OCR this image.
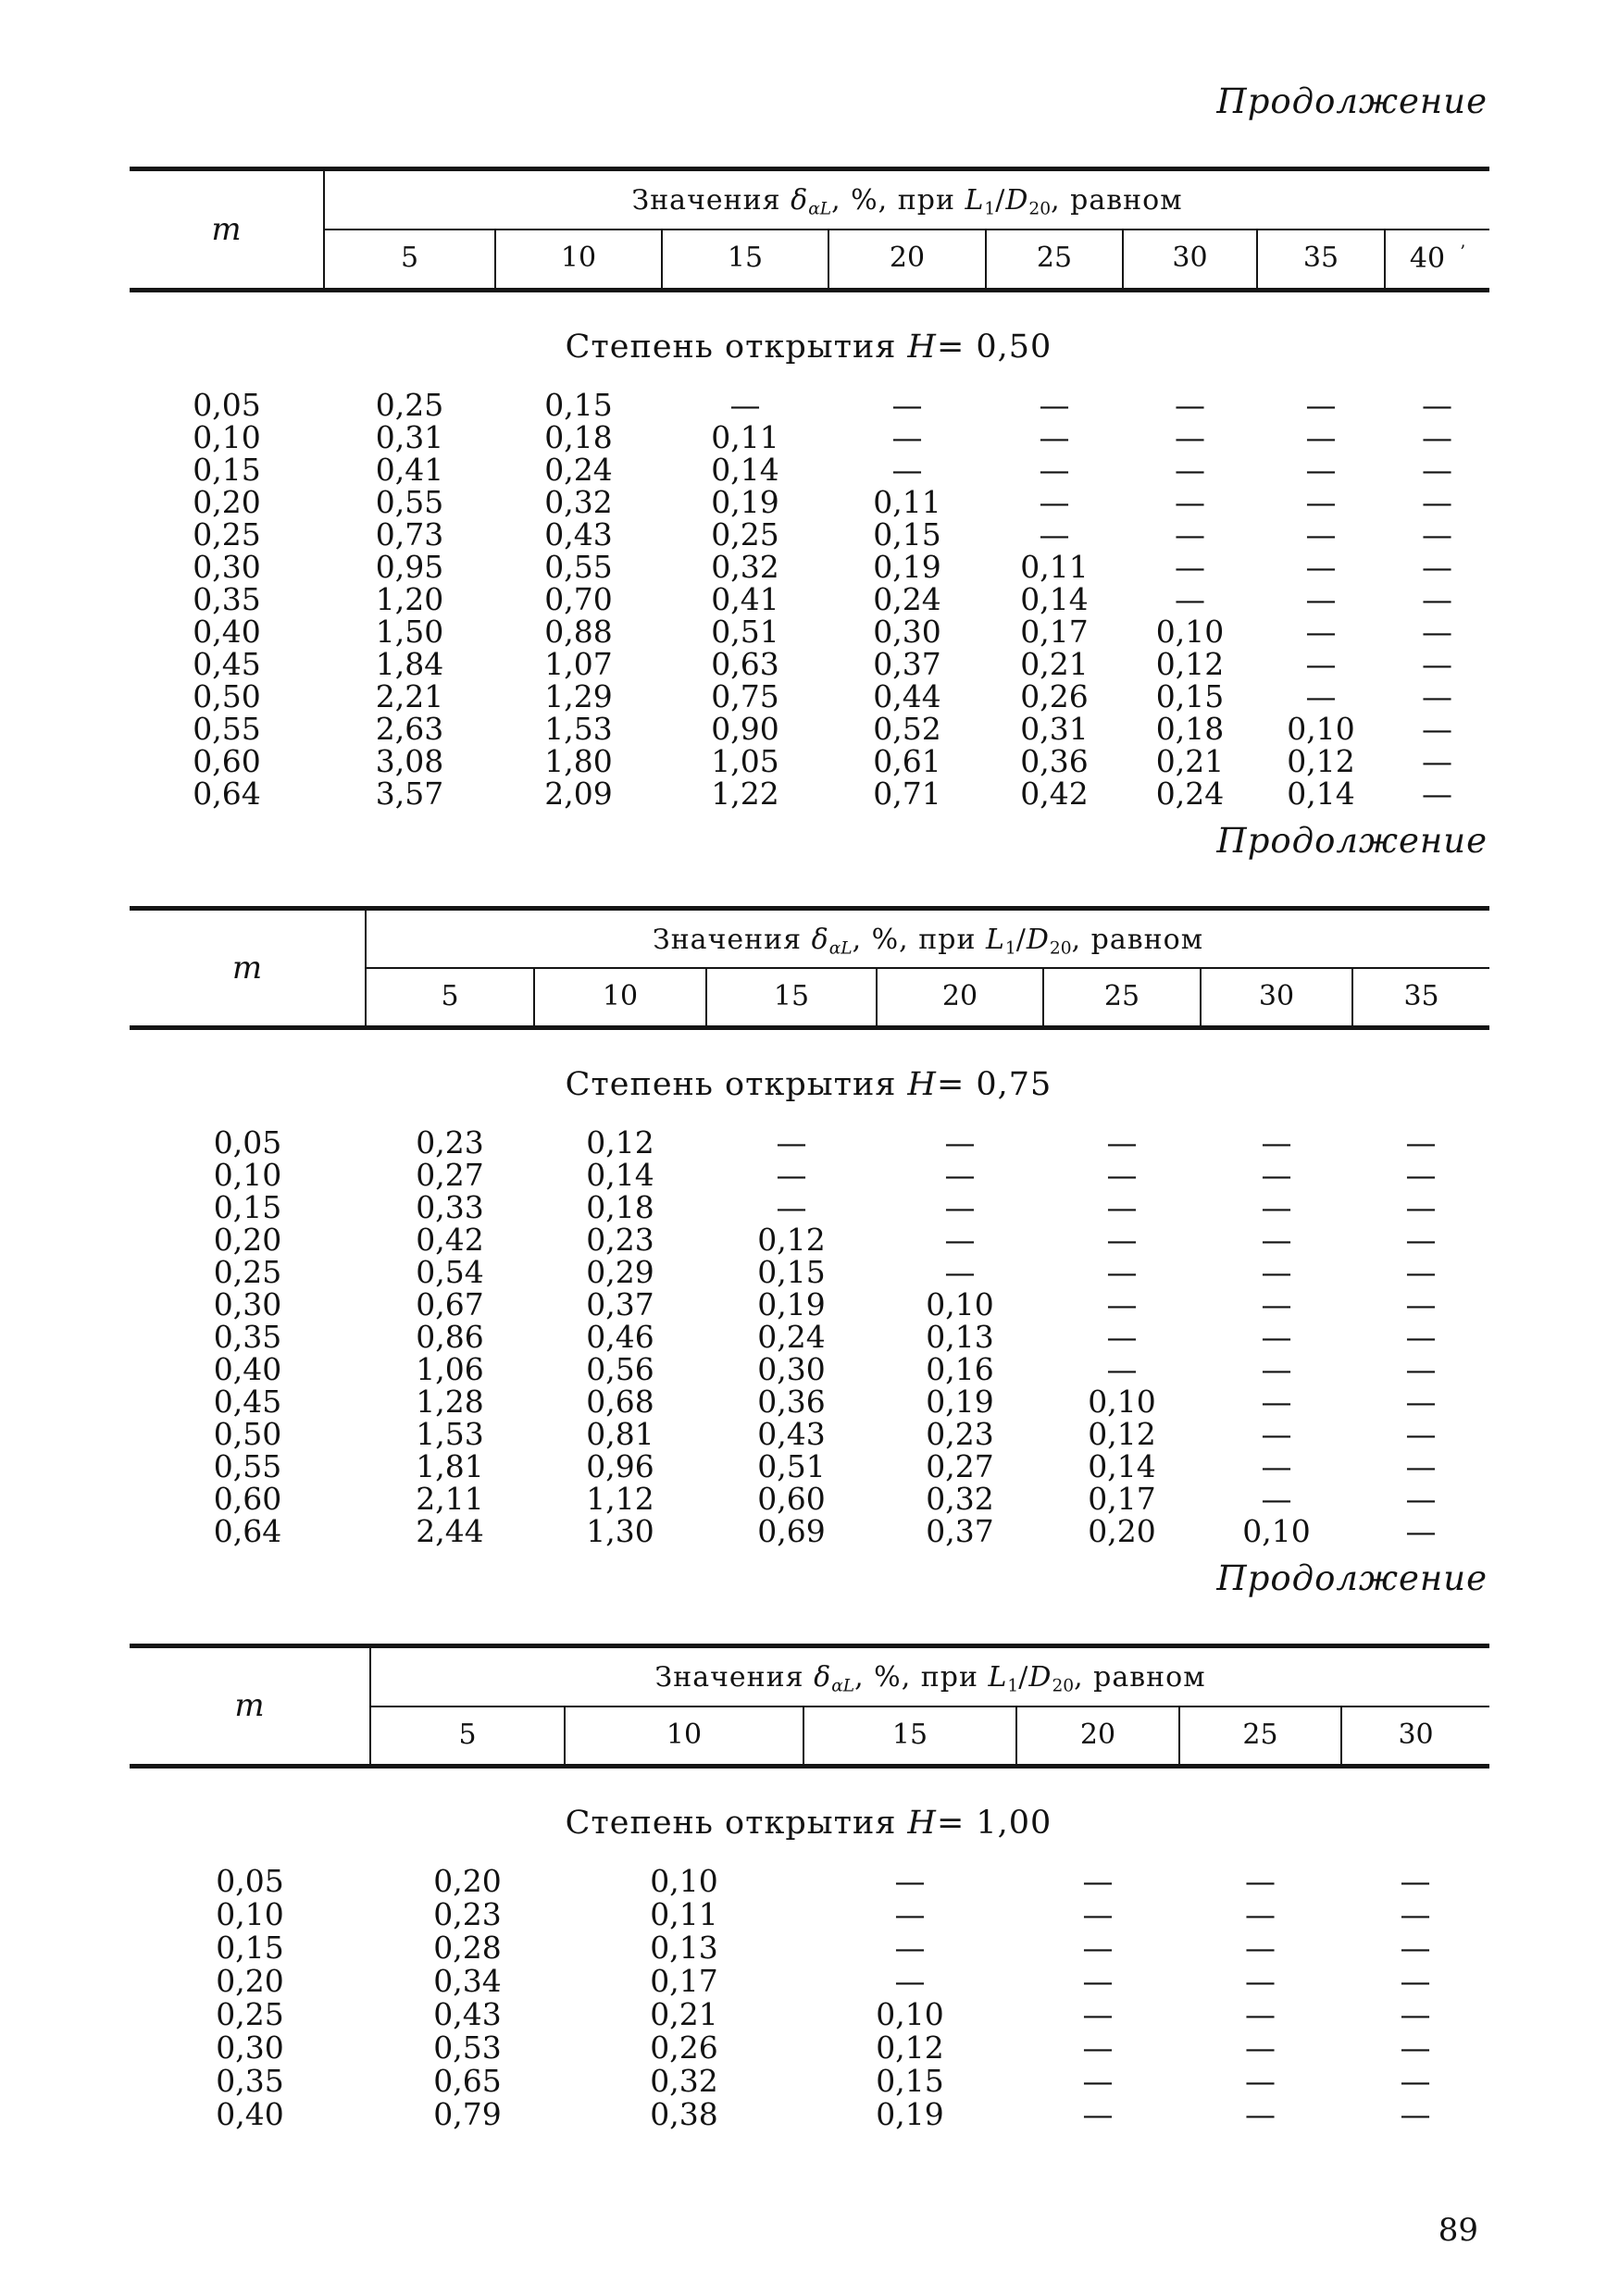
Продолжение
m	Значения δαL, %, при L1/D20, равном							
	5	10	15	20	25	30	35	40 ’
Степень открытия Н= 0,50
0,05	0,25	0,15	—	—	—	—	—	—
0,10	0,31	0,18	0,11	—	—	—	—	—
0,15	0,41	0,24	0,14	—	—	—	—	—
0,20	0,55	0,32	0,19	0,11	—	—	—	—
0,25	0,73	0,43	0,25	0,15	—	—	—	—
0,30	0,95	0,55	0,32	0,19	0,11	—	—	—
0,35	1,20	0,70	0,41	0,24	0,14	—	—	—
0,40	1,50	0,88	0,51	0,30	0,17	0,10	—	—
0,45	1,84	1,07	0,63	0,37	0,21	0,12	—	—
0,50	2,21	1,29	0,75	0,44	0,26	0,15	—	—
0,55	2,63	1,53	0,90	0,52	0,31	0,18	0,10	—
0,60	3,08	1,80	1,05	0,61	0,36	0,21	0,12	—
0,64	3,57	2,09	1,22	0,71	0,42	0,24	0,14	—
Продолжение
m	Значения δαL, %, при L1/D20, равном						
	5	10	15	20	25	30	35
Степень открытия Н= 0,75
0,05	0,23	0,12	—	—	—	—	—
0,10	0,27	0,14	—	—	—	—	—
0,15	0,33	0,18	—	—	—	—	—
0,20	0,42	0,23	0,12	—	—	—	—
0,25	0,54	0,29	0,15	—	—	—	—
0,30	0,67	0,37	0,19	0,10	—	—	—
0,35	0,86	0,46	0,24	0,13	—	—	—
0,40	1,06	0,56	0,30	0,16	—	—	—
0,45	1,28	0,68	0,36	0,19	0,10	—	—
0,50	1,53	0,81	0,43	0,23	0,12	—	—
0,55	1,81	0,96	0,51	0,27	0,14	—	—
0,60	2,11	1,12	0,60	0,32	0,17	—	—
0,64	2,44	1,30	0,69	0,37	0,20	0,10	—
Продолжение
m	Значения δαL, %, при L1/D20, равном					
	5	10	15	20	25	30
Степень открытия Н= 1,00
0,05	0,20	0,10	—	—	—	—
0,10	0,23	0,11	—	—	—	—
0,15	0,28	0,13	—	—	—	—
0,20	0,34	0,17	—	—	—	—
0,25	0,43	0,21	0,10	—	—	—
0,30	0,53	0,26	0,12	—	—	—
0,35	0,65	0,32	0,15	—	—	—
0,40	0,79	0,38	0,19	—	—	—
89
